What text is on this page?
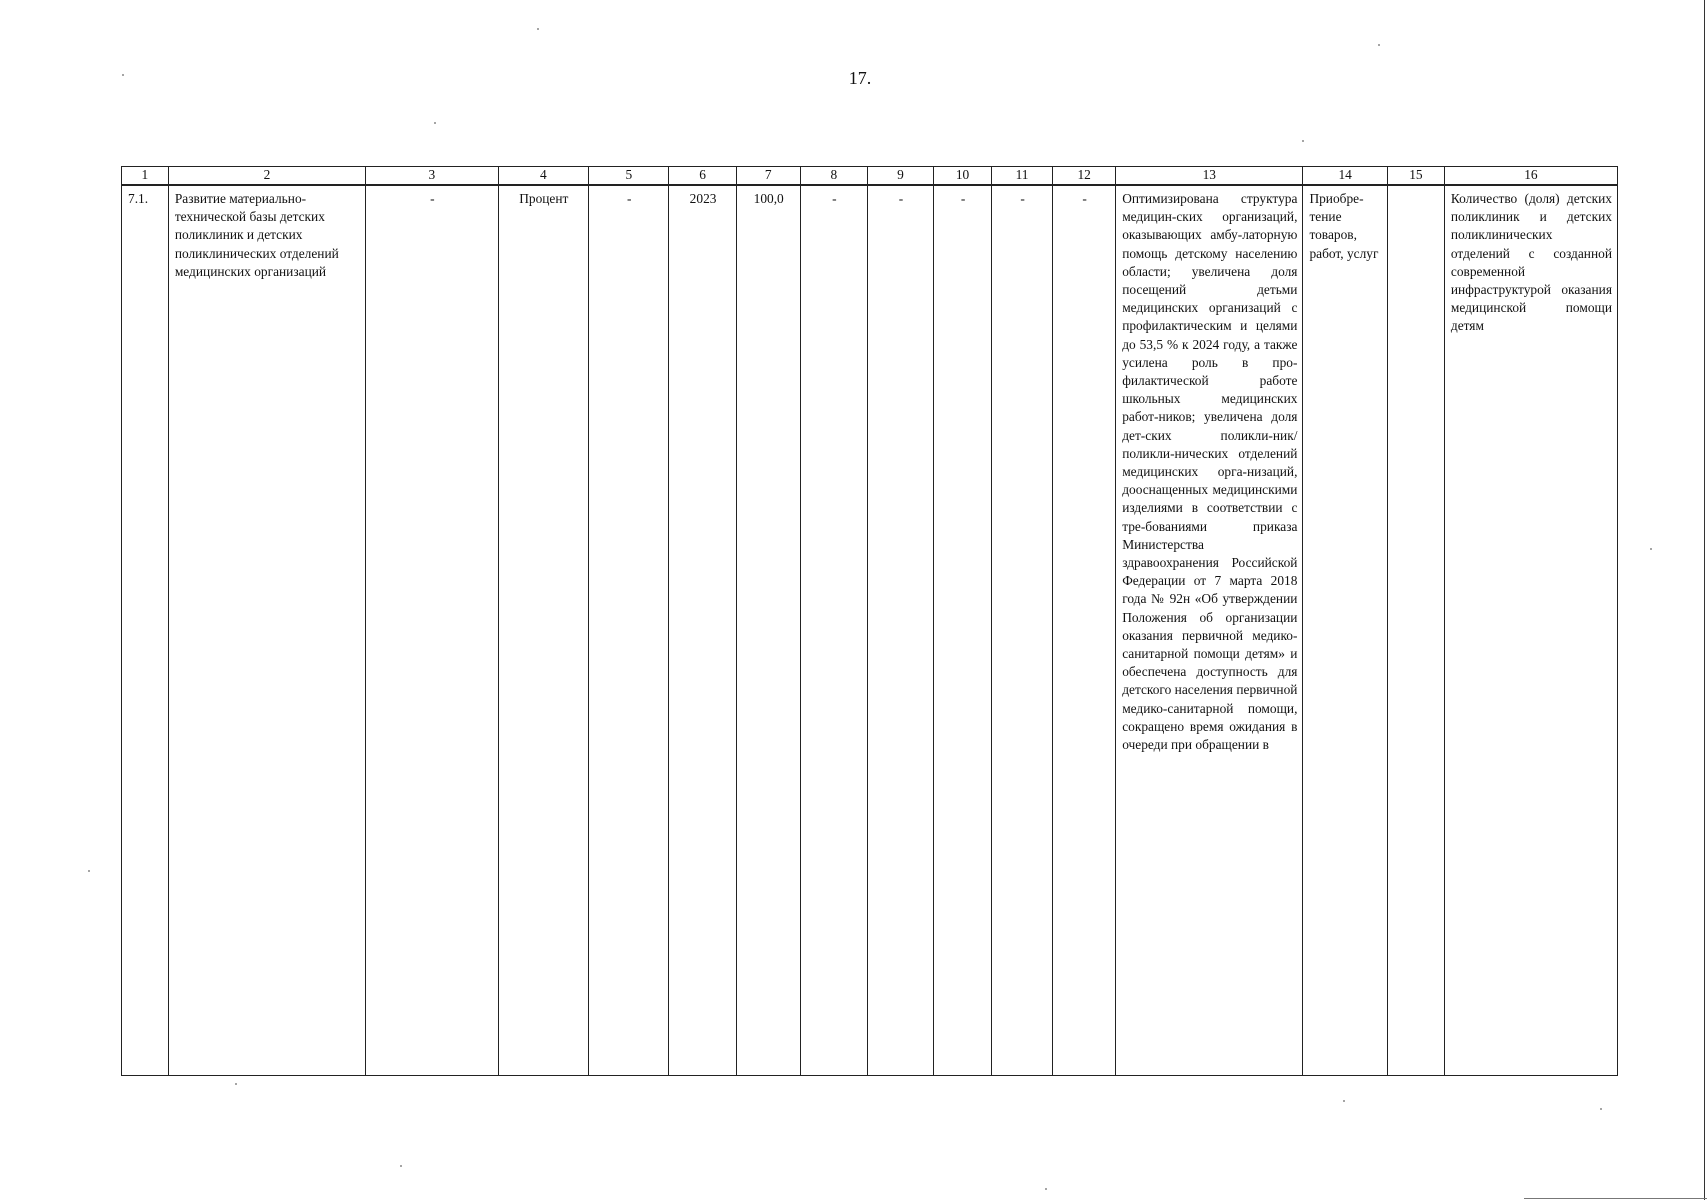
17.
1	2	3	4	5	6	7	8	9	10	11	12	13	14	15	16
7.1.	Развитие материально-технической базы детских поликлиник и детских поликлинических отделений медицинских организаций	-	Процент	-	2023	100,0	-	-	-	-	-	Оптимизирована структура медицин-ских организаций, оказывающих амбу-латорную помощь детскому населению области; увеличена доля посещений детьми медицинских организаций с профилактическим и целями до 53,5 % к 2024 году, а также усилена роль в про-филактической работе школьных медицинских работ-ников; увеличена доля дет-ских поликли-ник/поликли-нических отделений медицинских орга-низаций, дооснащенных медицинскими изделиями в соответствии с тре-бованиями приказа Министерства здравоохранения Российской Федерации от 7 марта 2018 года № 92н «Об утверждении Положения об организации оказания первичной медико-санитарной помощи детям» и обеспечена доступность для детского населения первичной медико-санитарной помощи, сокращено время ожидания в очереди при обращении в	Приобре-тение товаров, работ, услуг		Количество (доля) детских поликлиник и детских поликлинических отделений с созданной современной инфраструктурой оказания медицинской помощи детям
